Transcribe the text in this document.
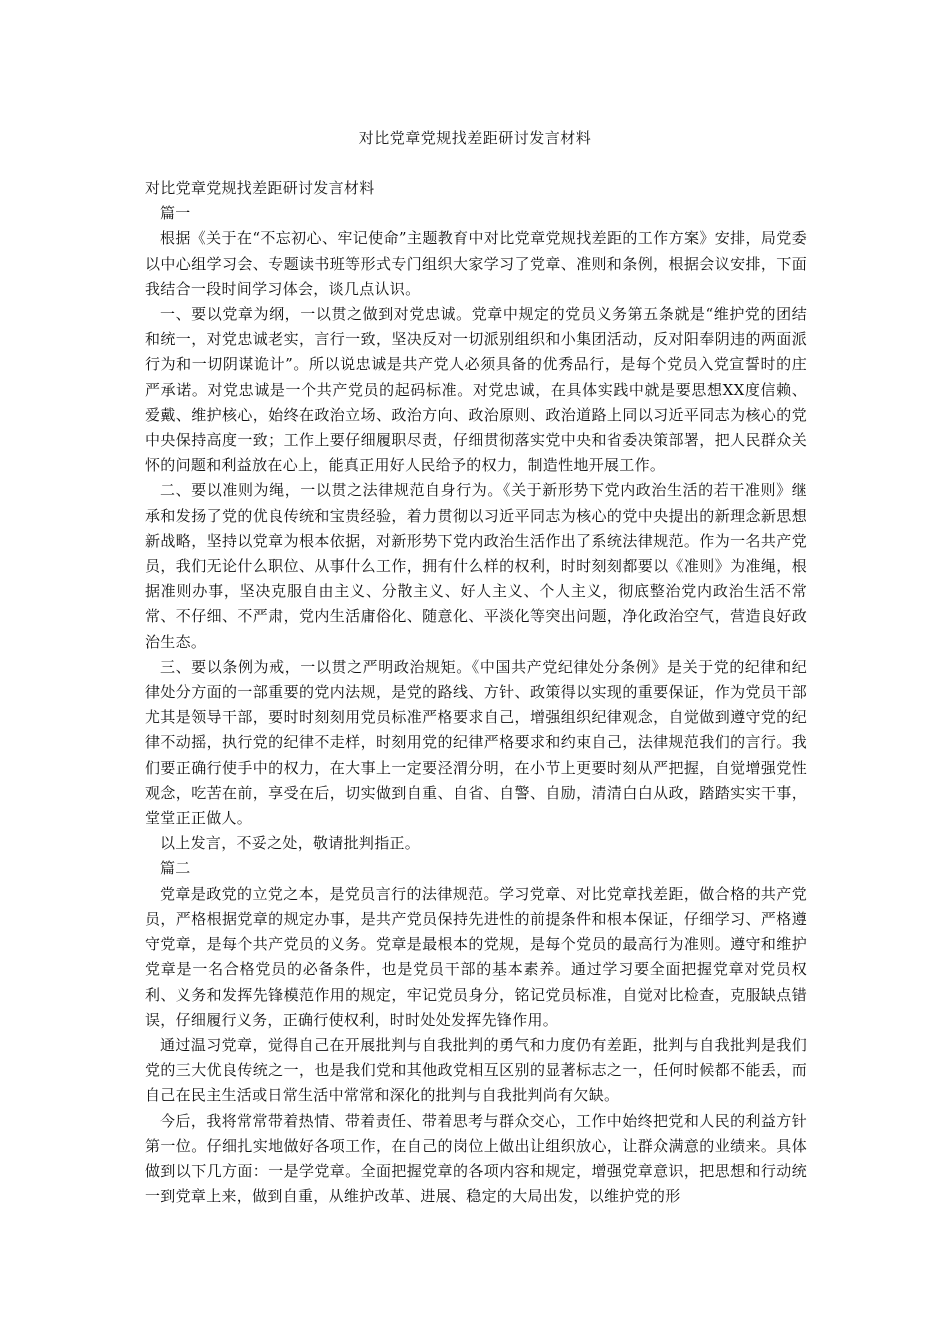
对比党章党规找差距研讨发言材料

对比党章党规找差距研讨发言材料

篇一

根据《关于在“不忘初心、牢记使命”主题教育中对比党章党规找差距的工作方案》安排，局党委以中心组学习会、专题读书班等形式专门组织大家学习了党章、准则和条例，根据会议安排，下面我结合一段时间学习体会，谈几点认识。

一、要以党章为纲，一以贯之做到对党忠诚。党章中规定的党员义务第五条就是“维护党的团结和统一，对党忠诚老实，言行一致，坚决反对一切派别组织和小集团活动，反对阳奉阴违的两面派行为和一切阴谋诡计”。所以说忠诚是共产党人必须具备的优秀品行，是每个党员入党宣誓时的庄严承诺。对党忠诚是一个共产党员的起码标准。对党忠诚，在具体实践中就是要思想XX度信赖、爱戴、维护核心，始终在政治立场、政治方向、政治原则、政治道路上同以习近平同志为核心的党中央保持高度一致；工作上要仔细履职尽责，仔细贯彻落实党中央和省委决策部署，把人民群众关怀的问题和利益放在心上，能真正用好人民给予的权力，制造性地开展工作。

二、要以准则为绳，一以贯之法律规范自身行为。《关于新形势下党内政治生活的若干准则》继承和发扬了党的优良传统和宝贵经验，着力贯彻以习近平同志为核心的党中央提出的新理念新思想新战略，坚持以党章为根本依据，对新形势下党内政治生活作出了系统法律规范。作为一名共产党员，我们无论什么职位、从事什么工作，拥有什么样的权利，时时刻刻都要以《准则》为准绳，根据准则办事，坚决克服自由主义、分散主义、好人主义、个人主义，彻底整治党内政治生活不常常、不仔细、不严肃，党内生活庸俗化、随意化、平淡化等突出问题，净化政治空气，营造良好政治生态。

三、要以条例为戒，一以贯之严明政治规矩。《中国共产党纪律处分条例》是关于党的纪律和纪律处分方面的一部重要的党内法规，是党的路线、方针、政策得以实现的重要保证，作为党员干部尤其是领导干部，要时时刻刻用党员标准严格要求自己，增强组织纪律观念，自觉做到遵守党的纪律不动摇，执行党的纪律不走样，时刻用党的纪律严格要求和约束自己，法律规范我们的言行。我们要正确行使手中的权力，在大事上一定要泾渭分明，在小节上更要时刻从严把握，自觉增强党性观念，吃苦在前，享受在后，切实做到自重、自省、自警、自励，清清白白从政，踏踏实实干事，堂堂正正做人。

以上发言，不妥之处，敬请批判指正。

篇二

党章是政党的立党之本，是党员言行的法律规范。学习党章、对比党章找差距，做合格的共产党员，严格根据党章的规定办事，是共产党员保持先进性的前提条件和根本保证，仔细学习、严格遵守党章，是每个共产党员的义务。党章是最根本的党规，是每个党员的最高行为准则。遵守和维护党章是一名合格党员的必备条件，也是党员干部的基本素养。通过学习要全面把握党章对党员权利、义务和发挥先锋模范作用的规定，牢记党员身分，铭记党员标准，自觉对比检查，克服缺点错误，仔细履行义务，正确行使权利，时时处处发挥先锋作用。

通过温习党章，觉得自己在开展批判与自我批判的勇气和力度仍有差距，批判与自我批判是我们党的三大优良传统之一，也是我们党和其他政党相互区别的显著标志之一，任何时候都不能丢，而自己在民主生活或日常生活中常常和深化的批判与自我批判尚有欠缺。

今后，我将常常带着热情、带着责任、带着思考与群众交心，工作中始终把党和人民的利益方针第一位。仔细扎实地做好各项工作，在自己的岗位上做出让组织放心，让群众满意的业绩来。具体做到以下几方面：一是学党章。全面把握党章的各项内容和规定，增强党章意识，把思想和行动统一到党章上来，做到自重，从维护改革、进展、稳定的大局出发，以维护党的形
